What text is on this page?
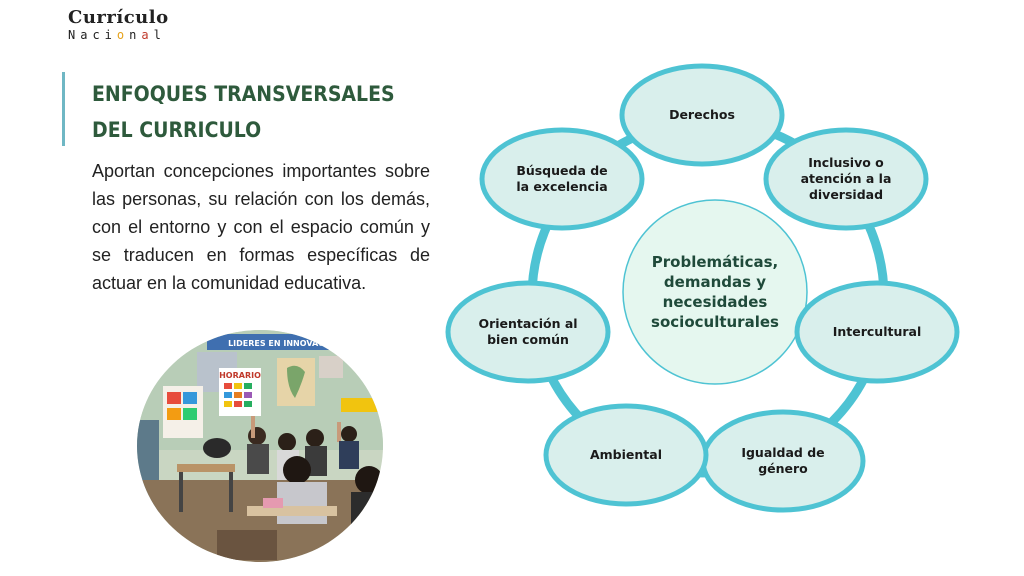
Currículo
Nacional
ENFOQUES TRANSVERSALES DEL CURRICULO
Aportan concepciones importantes sobre las personas, su relación con los demás, con el entorno y con el espacio común y se traducen en formas específicas de actuar en la comunidad educativa.
LIDERES EN INNOVACION EDU
HORARIO
Problemáticas,
demandas y
necesidades
socioculturales
Derechos
Inclusivo o
atención a la
diversidad
Intercultural
Igualdad de
género
Ambiental
Orientación al
bien común
Búsqueda de
la excelencia
